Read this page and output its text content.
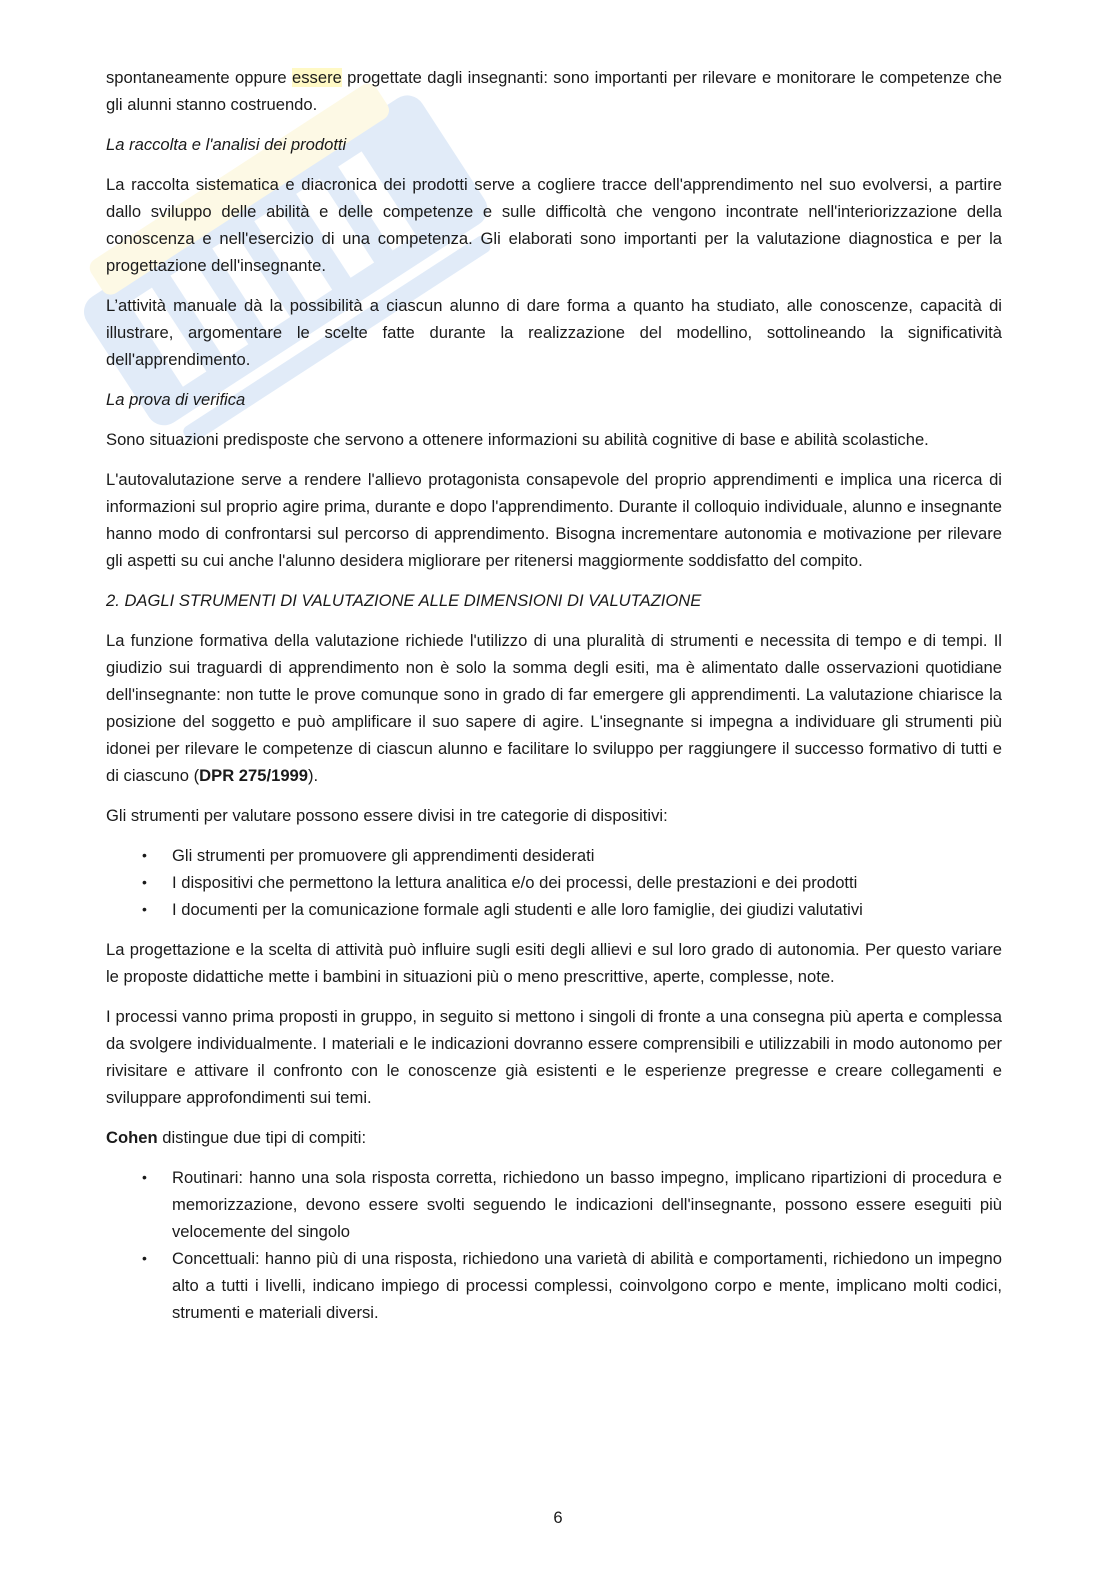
spontaneamente oppure essere progettate dagli insegnanti: sono importanti per rilevare e monitorare le competenze che gli alunni stanno costruendo.

La raccolta e l'analisi dei prodotti

La raccolta sistematica e diacronica dei prodotti serve a cogliere tracce dell'apprendimento nel suo evolversi, a partire dallo sviluppo delle abilità e delle competenze e sulle difficoltà che vengono incontrate nell'interiorizzazione della conoscenza e nell'esercizio di una competenza. Gli elaborati sono importanti per la valutazione diagnostica e per la progettazione dell'insegnante.

L’attività manuale dà la possibilità a ciascun alunno di dare forma a quanto ha studiato, alle conoscenze, capacità di illustrare, argomentare le scelte fatte durante la realizzazione del modellino, sottolineando la significatività dell'apprendimento.

La prova di verifica

Sono situazioni predisposte che servono a ottenere informazioni su abilità cognitive di base e abilità scolastiche.

L'autovalutazione serve a rendere l'allievo protagonista consapevole del proprio apprendimenti e implica una ricerca di informazioni sul proprio agire prima, durante e dopo l'apprendimento. Durante il colloquio individuale, alunno e insegnante hanno modo di confrontarsi sul percorso di apprendimento. Bisogna incrementare autonomia e motivazione per rilevare gli aspetti su cui anche l'alunno desidera migliorare per ritenersi maggiormente soddisfatto del compito.

2. DAGLI STRUMENTI DI VALUTAZIONE ALLE DIMENSIONI DI VALUTAZIONE

La funzione formativa della valutazione richiede l'utilizzo di una pluralità di strumenti e necessita di tempo e di tempi. Il giudizio sui traguardi di apprendimento non è solo la somma degli esiti, ma è alimentato dalle osservazioni quotidiane dell'insegnante: non tutte le prove comunque sono in grado di far emergere gli apprendimenti. La valutazione chiarisce la posizione del soggetto e può amplificare il suo sapere di agire. L'insegnante si impegna a individuare gli strumenti più idonei per rilevare le competenze di ciascun alunno e facilitare lo sviluppo per raggiungere il successo formativo di tutti e di ciascuno (DPR 275/1999).

Gli strumenti per valutare possono essere divisi in tre categorie di dispositivi:

• Gli strumenti per promuovere gli apprendimenti desiderati
• I dispositivi che permettono la lettura analitica e/o dei processi, delle prestazioni e dei prodotti
• I documenti per la comunicazione formale agli studenti e alle loro famiglie, dei giudizi valutativi

La progettazione e la scelta di attività può influire sugli esiti degli allievi e sul loro grado di autonomia. Per questo variare le proposte didattiche mette i bambini in situazioni più o meno prescrittive, aperte, complesse, note.

I processi vanno prima proposti in gruppo, in seguito si mettono i singoli di fronte a una consegna più aperta e complessa da svolgere individualmente. I materiali e le indicazioni dovranno essere comprensibili e utilizzabili in modo autonomo per rivisitare e attivare il confronto con le conoscenze già esistenti e le esperienze pregresse e creare collegamenti e sviluppare approfondimenti sui temi.

Cohen distingue due tipi di compiti:

• Routinari: hanno una sola risposta corretta, richiedono un basso impegno, implicano ripartizioni di procedura e memorizzazione, devono essere svolti seguendo le indicazioni dell'insegnante, possono essere eseguiti più velocemente del singolo
• Concettuali: hanno più di una risposta, richiedono una varietà di abilità e comportamenti, richiedono un impegno alto a tutti i livelli, indicano impiego di processi complessi, coinvolgono corpo e mente, implicano molti codici, strumenti e materiali diversi.
6
